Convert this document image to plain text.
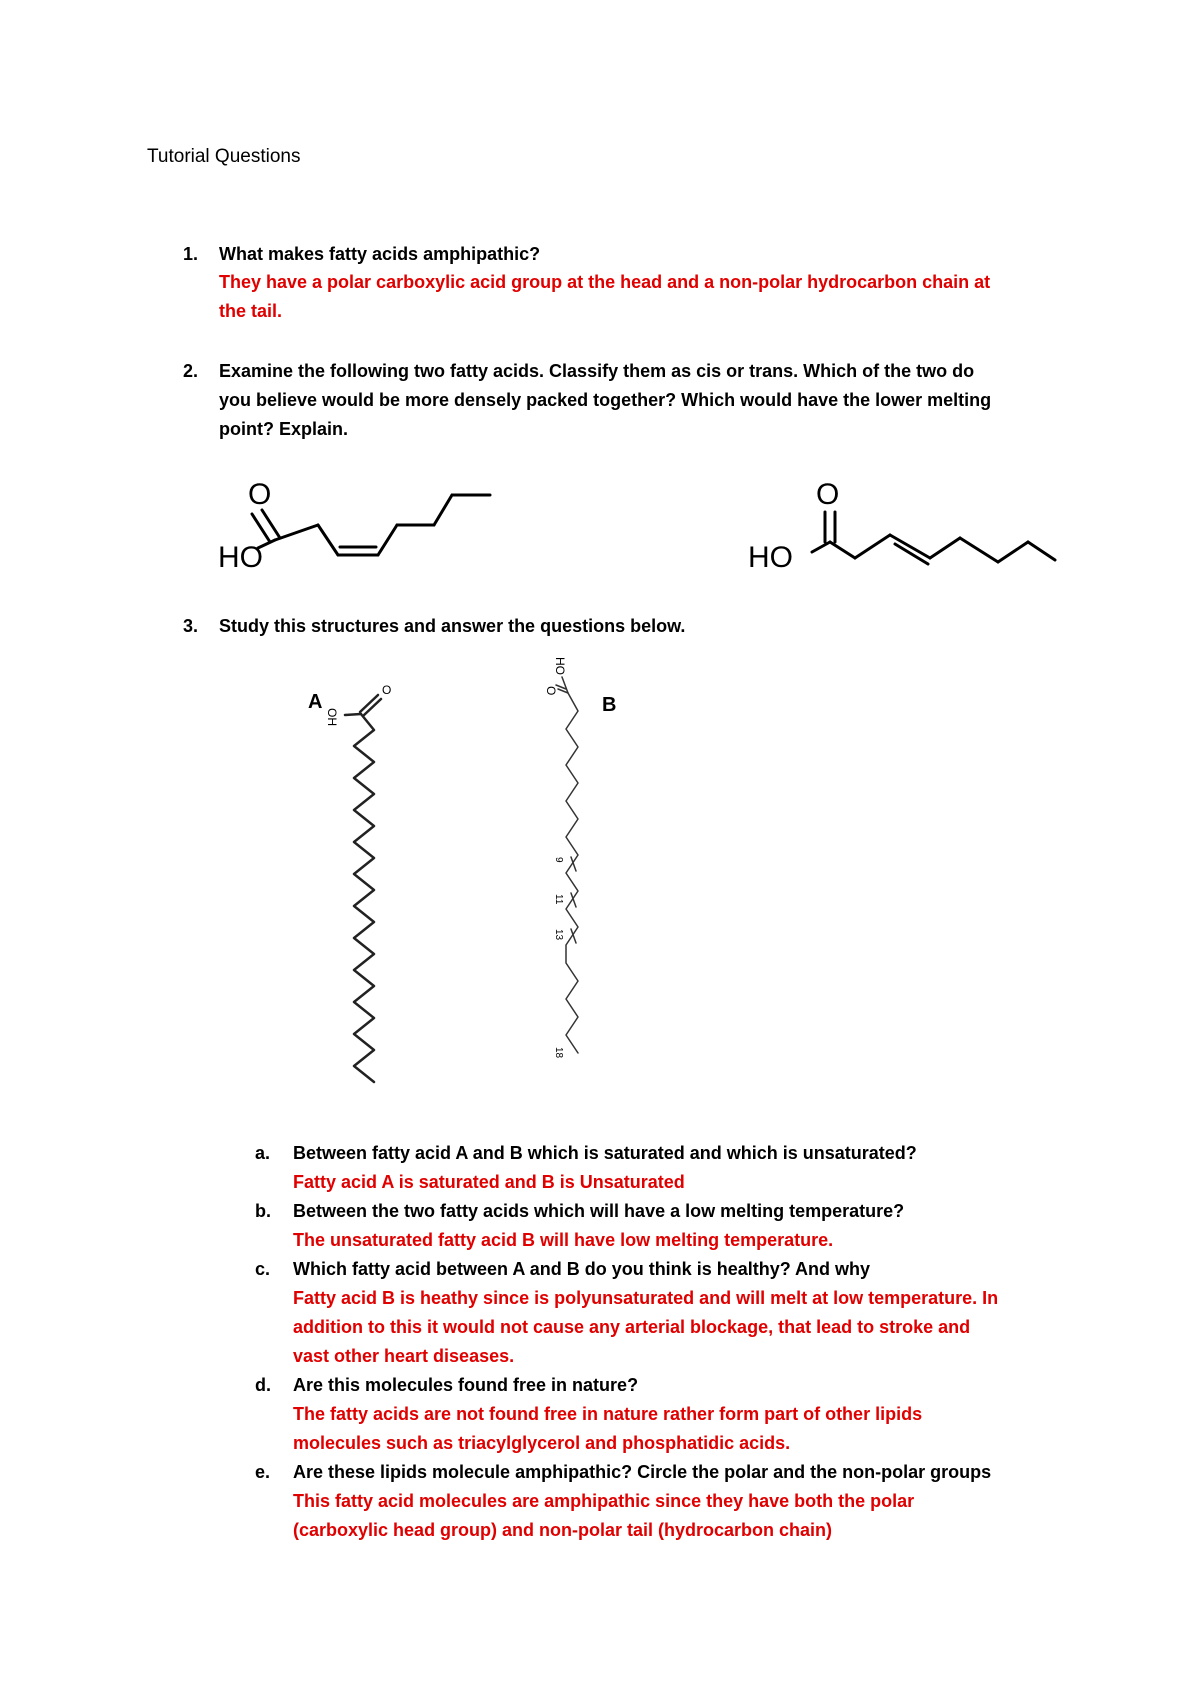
Tutorial Questions
1.	What makes fatty acids amphipathic?
They have a polar carboxylic acid group at the head and a non-polar hydrocarbon chain at
the tail.
2.	Examine the following two fatty acids. Classify them as cis or trans. Which of the two do
you believe would be more densely packed together? Which would have the lower melting
point? Explain.
O
HO
O
HO
3.	Study this structures and answer the questions below.
A
O
OH
B
O
HO
9
11
13
18
a. Between fatty acid A and B which is saturated and which is unsaturated?
Fatty acid A is saturated and B is Unsaturated
b. Between the two fatty acids which will have a low melting temperature?
The unsaturated fatty acid B will have low melting temperature.
c. Which fatty acid between A and B do you think is healthy? And why
Fatty acid B is heathy since is polyunsaturated and will melt at low temperature. In
addition to this it would not cause any arterial blockage, that lead to stroke and
vast other heart diseases.
d. Are this molecules found free in nature?
The fatty acids are not found free in nature rather form part of other lipids
molecules such as triacylglycerol and phosphatidic acids.
e. Are these lipids molecule amphipathic? Circle the polar and the non-polar groups
This fatty acid molecules are amphipathic since they have both the polar
(carboxylic head group) and non-polar tail (hydrocarbon chain)
